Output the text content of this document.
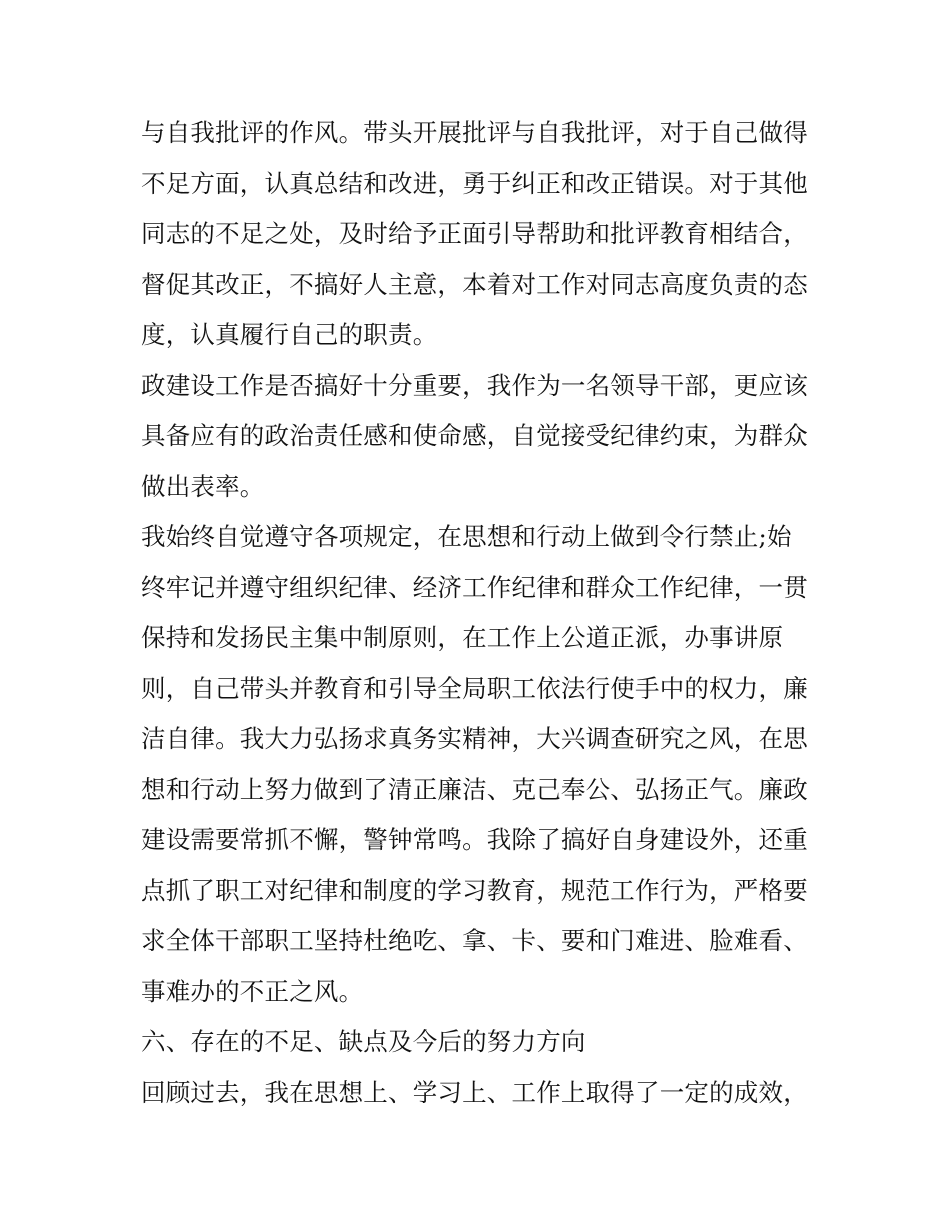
与自我批评的作风。带头开展批评与自我批评，对于自己做得
不足方面，认真总结和改进，勇于纠正和改正错误。对于其他
同志的不足之处，及时给予正面引导帮助和批评教育相结合，
督促其改正，不搞好人主意，本着对工作对同志高度负责的态
度，认真履行自己的职责。
政建设工作是否搞好十分重要，我作为一名领导干部，更应该
具备应有的政治责任感和使命感，自觉接受纪律约束，为群众
做出表率。
我始终自觉遵守各项规定，在思想和行动上做到令行禁止;始
终牢记并遵守组织纪律、经济工作纪律和群众工作纪律，一贯
保持和发扬民主集中制原则，在工作上公道正派，办事讲原
则，自己带头并教育和引导全局职工依法行使手中的权力，廉
洁自律。我大力弘扬求真务实精神，大兴调查研究之风，在思
想和行动上努力做到了清正廉洁、克己奉公、弘扬正气。廉政
建设需要常抓不懈，警钟常鸣。我除了搞好自身建设外，还重
点抓了职工对纪律和制度的学习教育，规范工作行为，严格要
求全体干部职工坚持杜绝吃、拿、卡、要和门难进、脸难看、
事难办的不正之风。
六、存在的不足、缺点及今后的努力方向
回顾过去，我在思想上、学习上、工作上取得了一定的成效，
